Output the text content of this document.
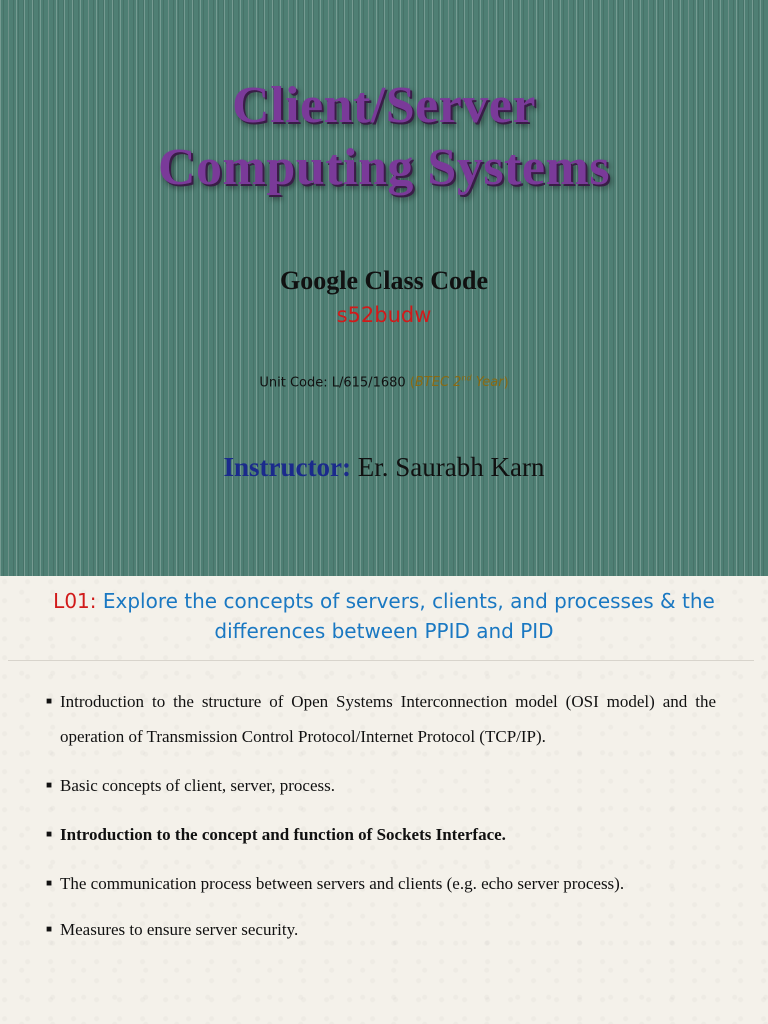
Client/Server
Computing Systems
Google Class Code
s52budw
Unit Code: L/615/1680 (BTEC 2nd Year)
Instructor: Er. Saurabh Karn
L01: Explore the concepts of servers, clients, and processes & the differences between PPID and PID
■ Introduction to the structure of Open Systems Interconnection model (OSI model) and the operation of Transmission Control Protocol/Internet Protocol (TCP/IP).
■ Basic concepts of client, server, process.
■ Introduction to the concept and function of Sockets Interface.
■ The communication process between servers and clients (e.g. echo server process).
■ Measures to ensure server security.
